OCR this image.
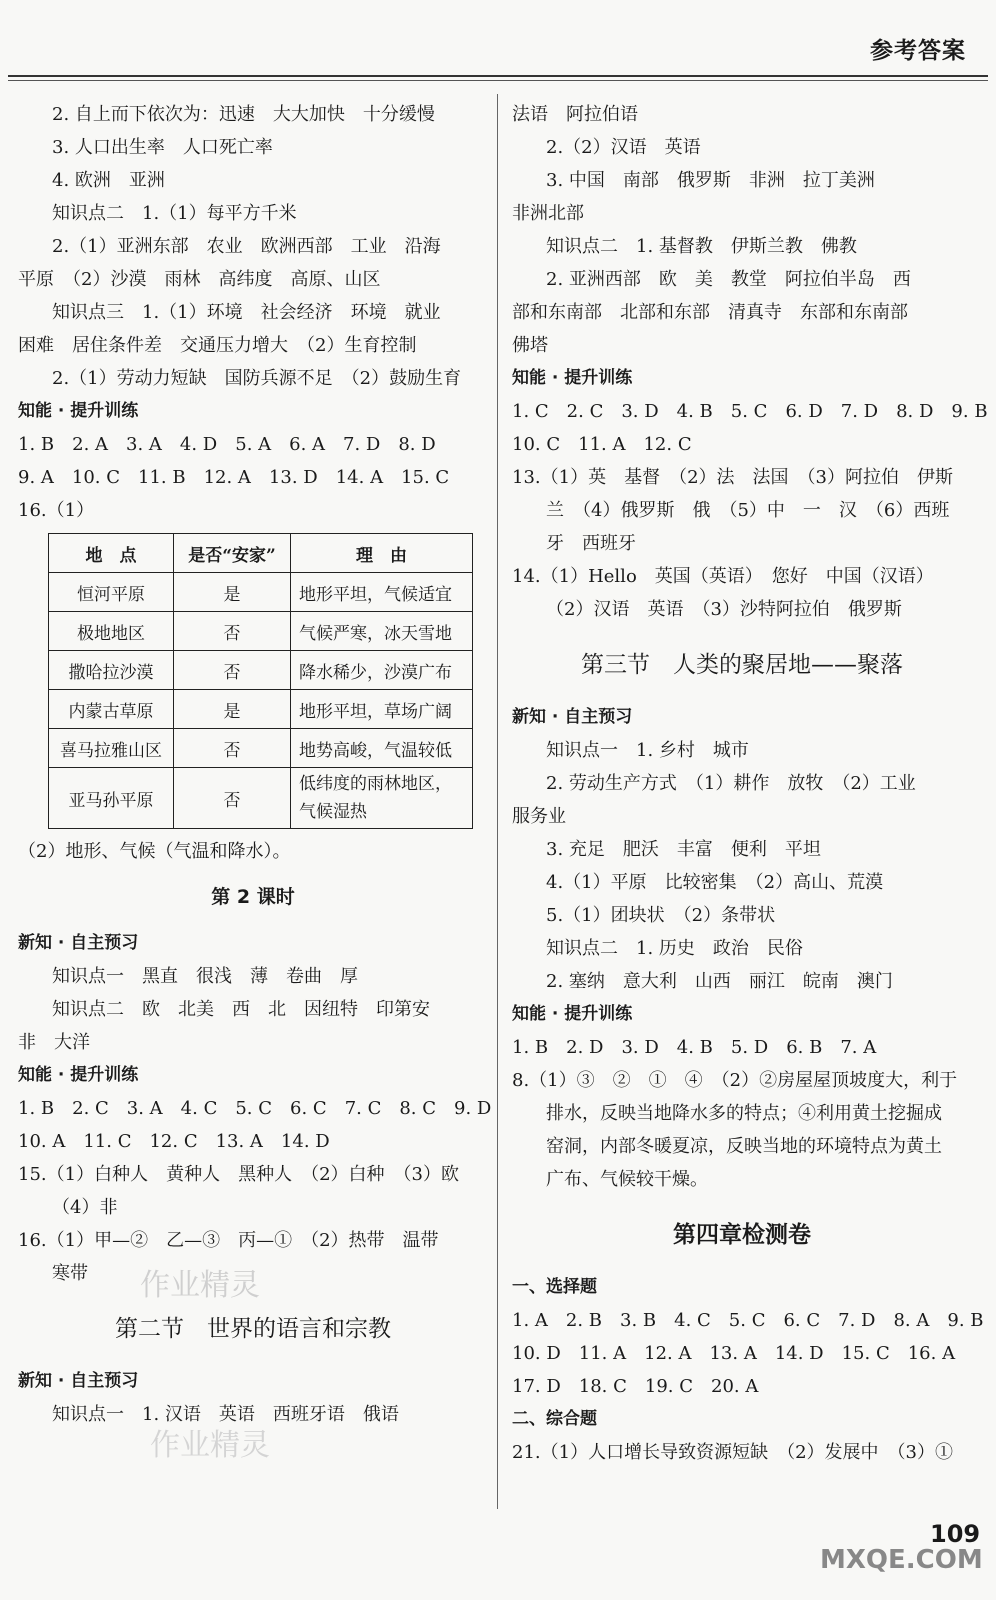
参考答案
2. 自上而下依次为：迅速　大大加快　十分缓慢
3. 人口出生率　人口死亡率
4. 欧洲　亚洲
知识点二　1.（1）每平方千米
2.（1）亚洲东部　农业　欧洲西部　工业　沿海
平原　（2）沙漠　雨林　高纬度　高原、山区
知识点三　1.（1）环境　社会经济　环境　就业
困难　居住条件差　交通压力增大　（2）生育控制
2.（1）劳动力短缺　国防兵源不足　（2）鼓励生育
知能 · 提升训练
1. B　2. A　3. A　4. D　5. A　6. A　7. D　8. D
9. A　10. C　11. B　12. A　13. D　14. A　15. C
16.（1）
地　点	是否“安家”	理　由
恒河平原	是	地形平坦，气候适宜
极地地区	否	气候严寒，冰天雪地
撒哈拉沙漠	否	降水稀少，沙漠广布
内蒙古草原	是	地形平坦，草场广阔
喜马拉雅山区	否	地势高峻，气温较低
亚马孙平原	否	低纬度的雨林地区，气候湿热
（2）地形、气候（气温和降水）。
第 2 课时
新知 · 自主预习
知识点一　黑直　很浅　薄　卷曲　厚
知识点二　欧　北美　西　北　因纽特　印第安
非　大洋
知能 · 提升训练
1. B　2. C　3. A　4. C　5. C　6. C　7. C　8. C　9. D
10. A　11. C　12. C　13. A　14. D
15.（1）白种人　黄种人　黑种人　（2）白种　（3）欧
（4）非
16.（1）甲—②　乙—③　丙—①　（2）热带　温带
寒带
第二节　世界的语言和宗教
新知 · 自主预习
知识点一　1. 汉语　英语　西班牙语　俄语
法语　阿拉伯语
2.（2）汉语　英语
3. 中国　南部　俄罗斯　非洲　拉丁美洲
非洲北部
知识点二　1. 基督教　伊斯兰教　佛教
2. 亚洲西部　欧　美　教堂　阿拉伯半岛　西
部和东南部　北部和东部　清真寺　东部和东南部
佛塔
知能 · 提升训练
1. C　2. C　3. D　4. B　5. C　6. D　7. D　8. D　9. B
10. C　11. A　12. C
13.（1）英　基督　（2）法　法国　（3）阿拉伯　伊斯
兰　（4）俄罗斯　俄　（5）中　一　汉　（6）西班
牙　西班牙
14.（1）Hello　英国（英语）　您好　中国（汉语）
（2）汉语　英语　（3）沙特阿拉伯　俄罗斯
第三节　人类的聚居地——聚落
新知 · 自主预习
知识点一　1. 乡村　城市
2. 劳动生产方式　（1）耕作　放牧　（2）工业
服务业
3. 充足　肥沃　丰富　便利　平坦
4.（1）平原　比较密集　（2）高山、荒漠
5.（1）团块状　（2）条带状
知识点二　1. 历史　政治　民俗
2. 塞纳　意大利　山西　丽江　皖南　澳门
知能 · 提升训练
1. B　2. D　3. D　4. B　5. D　6. B　7. A
8.（1）③　②　①　④　（2）②房屋屋顶坡度大，利于
排水，反映当地降水多的特点；④利用黄土挖掘成
窑洞，内部冬暖夏凉，反映当地的环境特点为黄土
广布、气候较干燥。
第四章检测卷
一、选择题
1. A　2. B　3. B　4. C　5. C　6. C　7. D　8. A　9. B
10. D　11. A　12. A　13. A　14. D　15. C　16. A
17. D　18. C　19. C　20. A
二、综合题
21.（1）人口增长导致资源短缺　（2）发展中　（3）①
作业精灵
作业精灵
109
MXQE.COM
